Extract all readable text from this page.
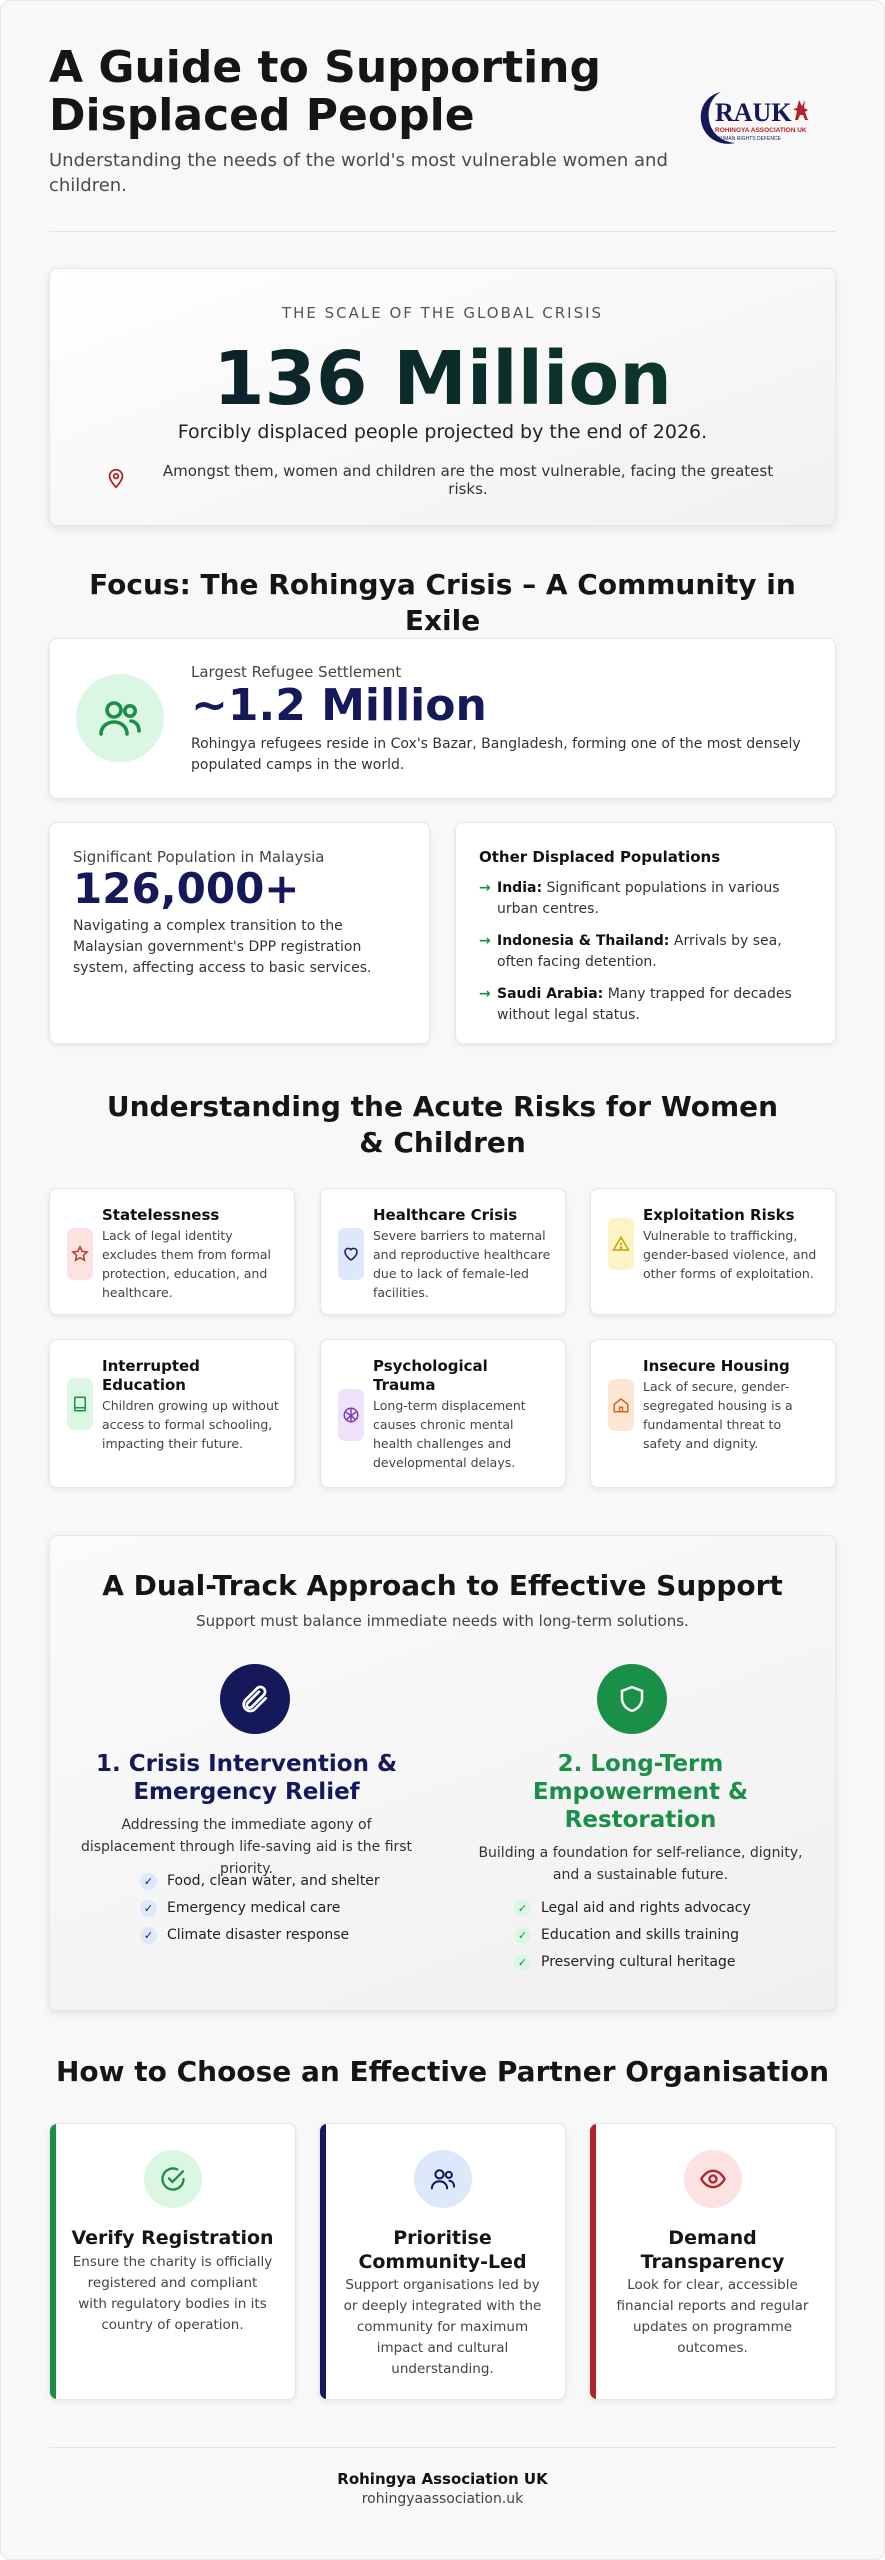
A Guide to Supporting Displaced People

Understanding the needs of the world's most vulnerable women and children.

RAUK
ROHINGYA ASSOCIATION UK
HUMAN RIGHTS DEFENCE
THE SCALE OF THE GLOBAL CRISIS
136 Million
Forcibly displaced people projected by the end of 2026.
Amongst them, women and children are the most vulnerable, facing the greatest risks.
Focus: The Rohingya Crisis – A Community in Exile
Largest Refugee Settlement
~1.2 Million
Rohingya refugees reside in Cox's Bazar, Bangladesh, forming one of the most densely populated camps in the world.
Significant Population in Malaysia
126,000+
Navigating a complex transition to the Malaysian government's DPP registration system, affecting access to basic services.
Other Displaced Populations
→ India: Significant populations in various urban centres.
→ Indonesia & Thailand: Arrivals by sea, often facing detention.
→ Saudi Arabia: Many trapped for decades without legal status.
Understanding the Acute Risks for Women & Children
Statelessness
Lack of legal identity excludes them from formal protection, education, and healthcare.
Healthcare Crisis
Severe barriers to maternal and reproductive healthcare due to lack of female-led facilities.
Exploitation Risks
Vulnerable to trafficking, gender-based violence, and other forms of exploitation.
Interrupted Education
Children growing up without access to formal schooling, impacting their future.
Psychological Trauma
Long-term displacement causes chronic mental health challenges and developmental delays.
Insecure Housing
Lack of secure, gender-segregated housing is a fundamental threat to safety and dignity.
A Dual-Track Approach to Effective Support
Support must balance immediate needs with long-term solutions.
1. Crisis Intervention & Emergency Relief
Addressing the immediate agony of displacement through life-saving aid is the first priority.
✓ Food, clean water, and shelter
✓ Emergency medical care
✓ Climate disaster response
2. Long-Term Empowerment & Restoration
Building a foundation for self-reliance, dignity, and a sustainable future.
✓ Legal aid and rights advocacy
✓ Education and skills training
✓ Preserving cultural heritage
How to Choose an Effective Partner Organisation
Verify Registration
Ensure the charity is officially registered and compliant with regulatory bodies in its country of operation.
Prioritise Community-Led
Support organisations led by or deeply integrated with the community for maximum impact and cultural understanding.
Demand Transparency
Look for clear, accessible financial reports and regular updates on programme outcomes.
Rohingya Association UK
rohingyaassociation.uk
